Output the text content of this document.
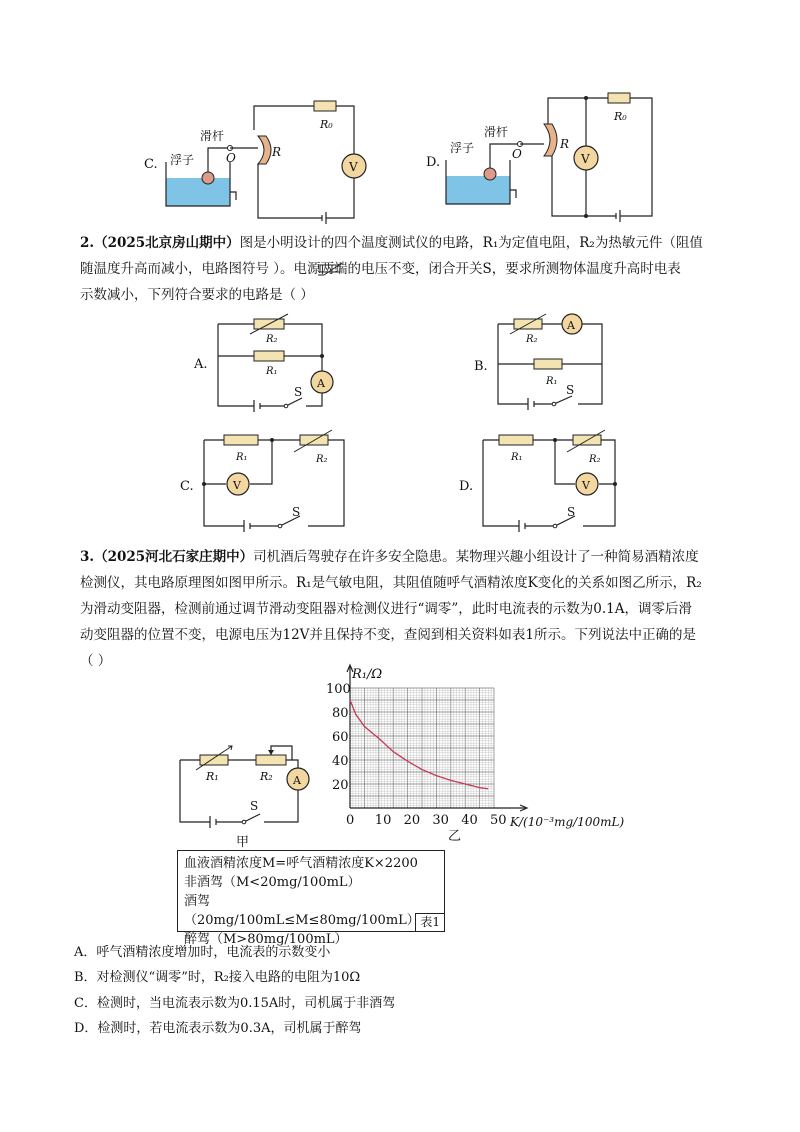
C. 浮子
滑杆
O	R
R₀
V	D.
浮子
滑杆
O
R
R₀
V
2.（2025北京房山期中）图是小明设计的四个温度测试仪的电路，R₁为定值电阻，R₂为热敏元件（阻值
随温度升高而减小，电路图符号 ）。电源两端的电压不变，闭合开关S，要求所测物体温度升高时电表
示数减小，下列符合要求的电路是（ ）
A.
R₂
R₁
A
S
B.
R₂
A
R₁
S
C.
R₁	R₂
V
S
D.
R₁	R₂
V
S
3.（2025河北石家庄期中）司机酒后驾驶存在许多安全隐患。某物理兴趣小组设计了一种简易酒精浓度
检测仪，其电路原理图如图甲所示。R₁是气敏电阻，其阻值随呼气酒精浓度K变化的关系如图乙所示，R₂
为滑动变阻器，检测前通过调节滑动变阻器对检测仪进行“调零”，此时电流表的示数为0.1A，调零后滑
动变阻器的位置不变，电源电压为12V并且保持不变，查阅到相关资料如表1所示。下列说法中正确的是
（ ）
R₁	R₂ A
S
甲
0 10 20 30 40 50
20
40
60
80
100
R₁/Ω
K/(10⁻³mg/100mL)
乙
血液酒精浓度M=呼气酒精浓度K×2200
非酒驾（M<20mg/100mL）
酒驾（20mg/100mL≤M≤80mg/100mL）
醉驾（M>80mg/100mL）
表1
A．呼气酒精浓度增加时，电流表的示数变小
B．对检测仪“调零”时，R₂接入电路的电阻为10Ω
C．检测时，当电流表示数为0.15A时，司机属于非酒驾
D．检测时，若电流表示数为0.3A，司机属于醉驾
